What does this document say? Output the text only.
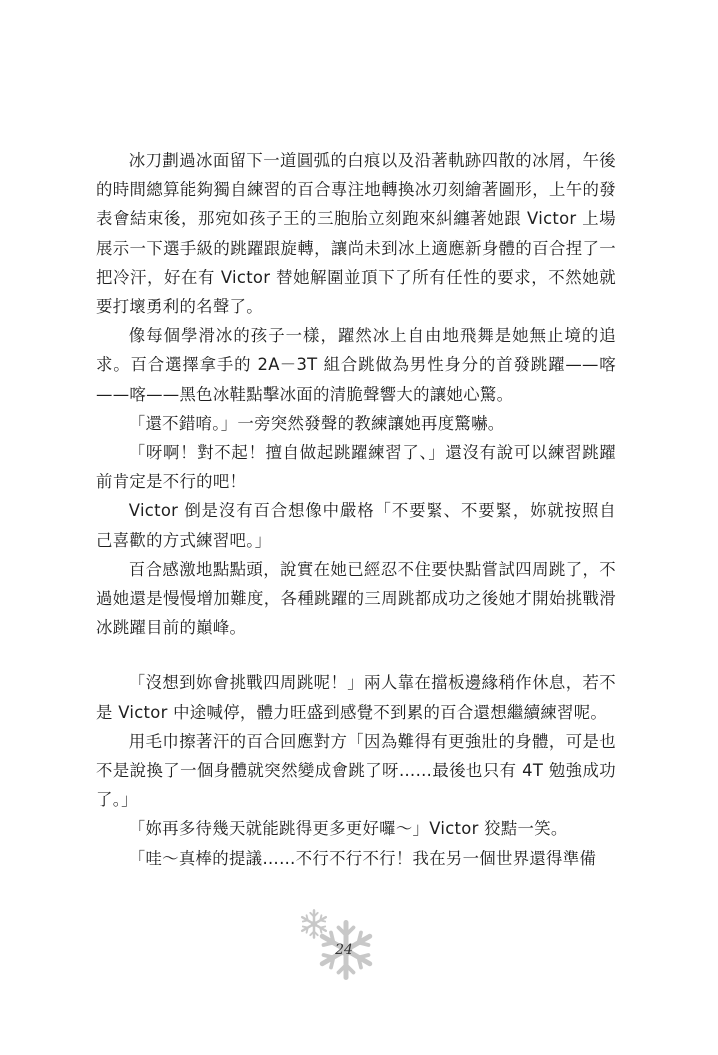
冰刀劃過冰面留下一道圓弧的白痕以及沿著軌跡四散的冰屑，午後的時間總算能夠獨自練習的百合專注地轉換冰刃刻繪著圖形，上午的發表會結束後，那宛如孩子王的三胞胎立刻跑來糾纏著她跟 Victor 上場展示一下選手級的跳躍跟旋轉，讓尚未到冰上適應新身體的百合捏了一把冷汗，好在有 Victor 替她解圍並頂下了所有任性的要求，不然她就要打壞勇利的名聲了。

像每個學滑冰的孩子一樣，躍然冰上自由地飛舞是她無止境的追求。百合選擇拿手的 2A－3T 組合跳做為男性身分的首發跳躍——喀——喀——黑色冰鞋點擊冰面的清脆聲響大的讓她心驚。

「還不錯唷。」一旁突然發聲的教練讓她再度驚嚇。

「呀啊！對不起！擅自做起跳躍練習了、」還沒有說可以練習跳躍前肯定是不行的吧！

Victor 倒是沒有百合想像中嚴格「不要緊、不要緊，妳就按照自己喜歡的方式練習吧。」

百合感激地點點頭，說實在她已經忍不住要快點嘗試四周跳了，不過她還是慢慢增加難度，各種跳躍的三周跳都成功之後她才開始挑戰滑冰跳躍目前的巔峰。

「沒想到妳會挑戰四周跳呢！」兩人靠在擋板邊緣稍作休息，若不是 Victor 中途喊停，體力旺盛到感覺不到累的百合還想繼續練習呢。

用毛巾擦著汗的百合回應對方「因為難得有更強壯的身體，可是也不是說換了一個身體就突然變成會跳了呀……最後也只有 4T 勉強成功了。」

「妳再多待幾天就能跳得更多更好囉～」Victor 狡黠一笑。

「哇～真棒的提議……不行不行不行！我在另一個世界還得準備

24
